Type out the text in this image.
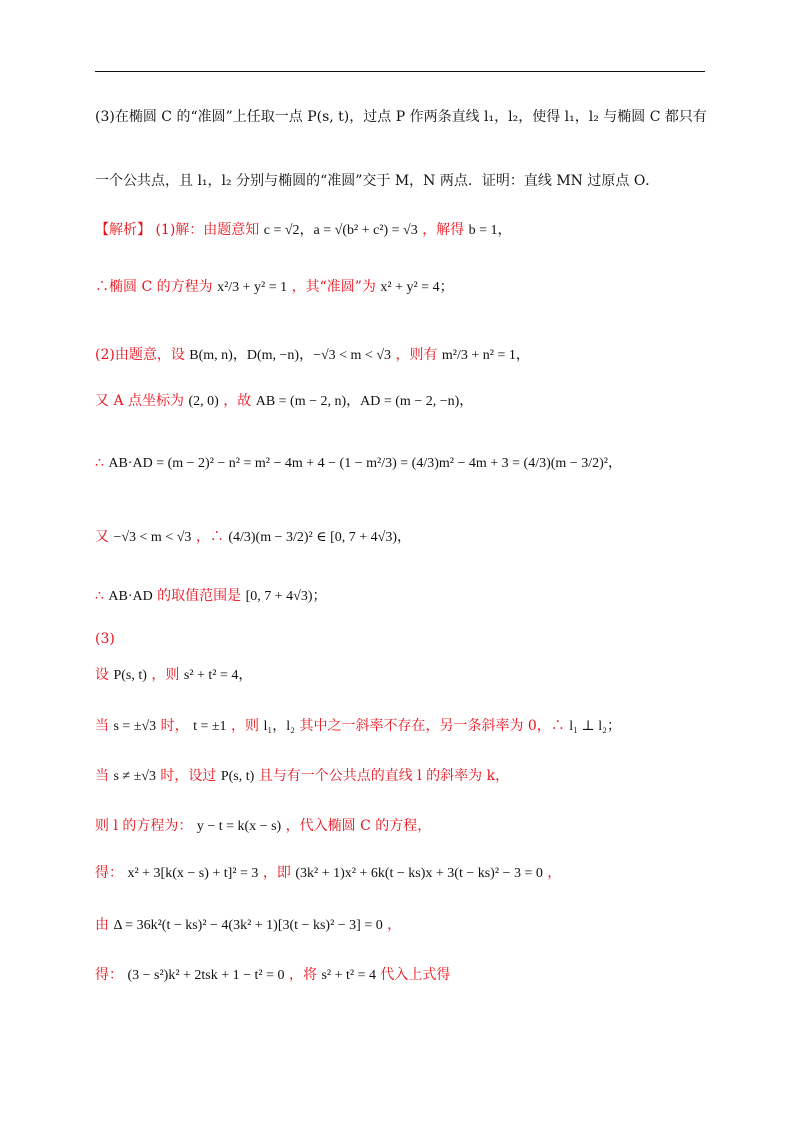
(3)在椭圆 C 的“准圆”上任取一点 P(s, t)，过点 P 作两条直线 l₁，l₂，使得 l₁，l₂ 与椭圆 C 都只有
一个公共点，且 l₁，l₂ 分别与椭圆的“准圆”交于 M，N 两点．证明：直线 MN 过原点 O．
【解析】 (1)解：由题意知 c = √2，a = √(b² + c²) = √3 ，解得 b = 1，
∴椭圆 C 的方程为 x²/3 + y² = 1 ，其“准圆”为 x² + y² = 4；
(2)由题意，设 B(m, n)，D(m, −n)，−√3 < m < √3 ，则有 m²/3 + n² = 1，
又 A 点坐标为 (2, 0) ，故 AB = (m − 2, n)，AD = (m − 2, −n)，
∴ AB·AD = (m − 2)² − n² = m² − 4m + 4 − (1 − m²/3) = (4/3)m² − 4m + 3 = (4/3)(m − 3/2)²，
又 −√3 < m < √3 ，∴ (4/3)(m − 3/2)² ∈ [0, 7 + 4√3)，
∴ AB·AD 的取值范围是 [0, 7 + 4√3)；
(3)
设 P(s, t) ，则 s² + t² = 4，
当 s = ±√3 时， t = ±1 ，则 l₁，l₂ 其中之一斜率不存在，另一条斜率为 0，∴ l₁ ⊥ l₂；
当 s ≠ ±√3 时，设过 P(s, t) 且与有一个公共点的直线 l 的斜率为 k，
则 l 的方程为： y − t = k(x − s) ，代入椭圆 C 的方程，
得： x² + 3[k(x − s) + t]² = 3 ，即 (3k² + 1)x² + 6k(t − ks)x + 3(t − ks)² − 3 = 0 ，
由 Δ = 36k²(t − ks)² − 4(3k² + 1)[3(t − ks)² − 3] = 0 ，
得： (3 − s²)k² + 2tsk + 1 − t² = 0 ，将 s² + t² = 4 代入上式得
